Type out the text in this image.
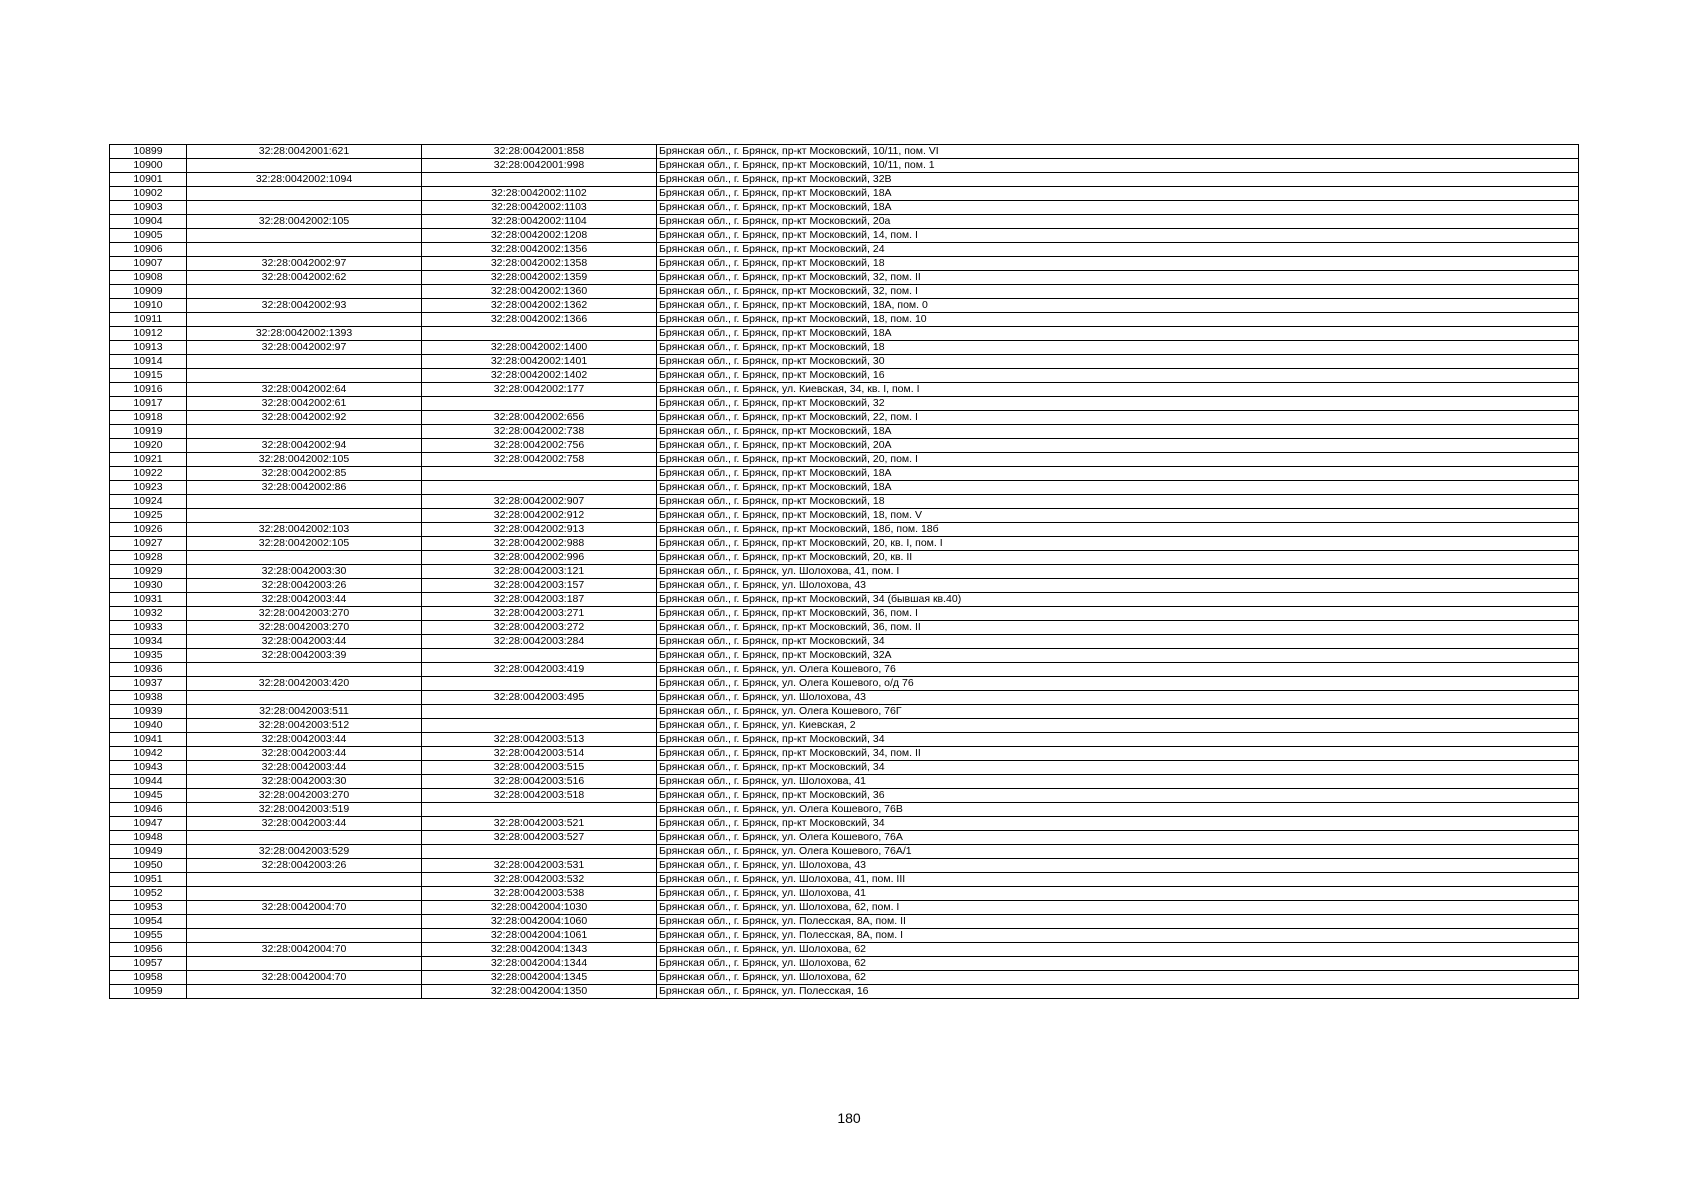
10899	32:28:0042001:621	32:28:0042001:858	Брянская обл., г. Брянск, пр-кт Московский, 10/11, пом. VI
10900		32:28:0042001:998	Брянская обл., г. Брянск, пр-кт Московский, 10/11, пом. 1
10901	32:28:0042002:1094		Брянская обл., г. Брянск, пр-кт Московский, 32В
10902		32:28:0042002:1102	Брянская обл., г. Брянск, пр-кт Московский, 18А
10903		32:28:0042002:1103	Брянская обл., г. Брянск, пр-кт Московский, 18А
10904	32:28:0042002:105	32:28:0042002:1104	Брянская обл., г. Брянск, пр-кт Московский, 20а
10905		32:28:0042002:1208	Брянская обл., г. Брянск, пр-кт Московский, 14, пом. I
10906		32:28:0042002:1356	Брянская обл., г. Брянск, пр-кт Московский, 24
10907	32:28:0042002:97	32:28:0042002:1358	Брянская обл., г. Брянск, пр-кт Московский, 18
10908	32:28:0042002:62	32:28:0042002:1359	Брянская обл., г. Брянск, пр-кт Московский, 32, пом. II
10909		32:28:0042002:1360	Брянская обл., г. Брянск, пр-кт Московский, 32, пом. I
10910	32:28:0042002:93	32:28:0042002:1362	Брянская обл., г. Брянск, пр-кт Московский, 18А, пом. 0
10911		32:28:0042002:1366	Брянская обл., г. Брянск, пр-кт Московский, 18, пом. 10
10912	32:28:0042002:1393		Брянская обл., г. Брянск, пр-кт Московский, 18А
10913	32:28:0042002:97	32:28:0042002:1400	Брянская обл., г. Брянск, пр-кт Московский, 18
10914		32:28:0042002:1401	Брянская обл., г. Брянск, пр-кт Московский, 30
10915		32:28:0042002:1402	Брянская обл., г. Брянск, пр-кт Московский, 16
10916	32:28:0042002:64	32:28:0042002:177	Брянская обл., г. Брянск, ул. Киевская, 34, кв. I, пом. I
10917	32:28:0042002:61		Брянская обл., г. Брянск, пр-кт Московский, 32
10918	32:28:0042002:92	32:28:0042002:656	Брянская обл., г. Брянск, пр-кт Московский, 22, пом. I
10919		32:28:0042002:738	Брянская обл., г. Брянск, пр-кт Московский, 18А
10920	32:28:0042002:94	32:28:0042002:756	Брянская обл., г. Брянск, пр-кт Московский, 20А
10921	32:28:0042002:105	32:28:0042002:758	Брянская обл., г. Брянск, пр-кт Московский, 20, пом. I
10922	32:28:0042002:85		Брянская обл., г. Брянск, пр-кт Московский, 18А
10923	32:28:0042002:86		Брянская обл., г. Брянск, пр-кт Московский, 18А
10924		32:28:0042002:907	Брянская обл., г. Брянск, пр-кт Московский, 18
10925		32:28:0042002:912	Брянская обл., г. Брянск, пр-кт Московский, 18, пом. V
10926	32:28:0042002:103	32:28:0042002:913	Брянская обл., г. Брянск, пр-кт Московский, 18б, пом. 18б
10927	32:28:0042002:105	32:28:0042002:988	Брянская обл., г. Брянск, пр-кт Московский, 20, кв. I, пом. I
10928		32:28:0042002:996	Брянская обл., г. Брянск, пр-кт Московский, 20, кв. II
10929	32:28:0042003:30	32:28:0042003:121	Брянская обл., г. Брянск, ул. Шолохова, 41, пом. I
10930	32:28:0042003:26	32:28:0042003:157	Брянская обл., г. Брянск, ул. Шолохова, 43
10931	32:28:0042003:44	32:28:0042003:187	Брянская обл., г. Брянск, пр-кт Московский, 34 (бывшая кв.40)
10932	32:28:0042003:270	32:28:0042003:271	Брянская обл., г. Брянск, пр-кт Московский, 36, пом. I
10933	32:28:0042003:270	32:28:0042003:272	Брянская обл., г. Брянск, пр-кт Московский, 36, пом. II
10934	32:28:0042003:44	32:28:0042003:284	Брянская обл., г. Брянск, пр-кт Московский, 34
10935	32:28:0042003:39		Брянская обл., г. Брянск, пр-кт Московский, 32А
10936		32:28:0042003:419	Брянская обл., г. Брянск, ул. Олега Кошевого, 76
10937	32:28:0042003:420		Брянская обл., г. Брянск, ул. Олега Кошевого, о/д 76
10938		32:28:0042003:495	Брянская обл., г. Брянск, ул. Шолохова, 43
10939	32:28:0042003:511		Брянская обл., г. Брянск, ул. Олега Кошевого, 76Г
10940	32:28:0042003:512		Брянская обл., г. Брянск, ул. Киевская, 2
10941	32:28:0042003:44	32:28:0042003:513	Брянская обл., г. Брянск, пр-кт Московский, 34
10942	32:28:0042003:44	32:28:0042003:514	Брянская обл., г. Брянск, пр-кт Московский, 34, пом. II
10943	32:28:0042003:44	32:28:0042003:515	Брянская обл., г. Брянск, пр-кт Московский, 34
10944	32:28:0042003:30	32:28:0042003:516	Брянская обл., г. Брянск, ул. Шолохова, 41
10945	32:28:0042003:270	32:28:0042003:518	Брянская обл., г. Брянск, пр-кт Московский, 36
10946	32:28:0042003:519		Брянская обл., г. Брянск, ул. Олега Кошевого, 76В
10947	32:28:0042003:44	32:28:0042003:521	Брянская обл., г. Брянск, пр-кт Московский, 34
10948		32:28:0042003:527	Брянская обл., г. Брянск, ул. Олега Кошевого, 76А
10949	32:28:0042003:529		Брянская обл., г. Брянск, ул. Олега Кошевого, 76А/1
10950	32:28:0042003:26	32:28:0042003:531	Брянская обл., г. Брянск, ул. Шолохова, 43
10951		32:28:0042003:532	Брянская обл., г. Брянск, ул. Шолохова, 41, пом. III
10952		32:28:0042003:538	Брянская обл., г. Брянск, ул. Шолохова, 41
10953	32:28:0042004:70	32:28:0042004:1030	Брянская обл., г. Брянск, ул. Шолохова, 62, пом. I
10954		32:28:0042004:1060	Брянская обл., г. Брянск, ул. Полесская, 8А, пом. II
10955		32:28:0042004:1061	Брянская обл., г. Брянск, ул. Полесская, 8А, пом. I
10956	32:28:0042004:70	32:28:0042004:1343	Брянская обл., г. Брянск, ул. Шолохова, 62
10957		32:28:0042004:1344	Брянская обл., г. Брянск, ул. Шолохова, 62
10958	32:28:0042004:70	32:28:0042004:1345	Брянская обл., г. Брянск, ул. Шолохова, 62
10959		32:28:0042004:1350	Брянская обл., г. Брянск, ул. Полесская, 16
180
